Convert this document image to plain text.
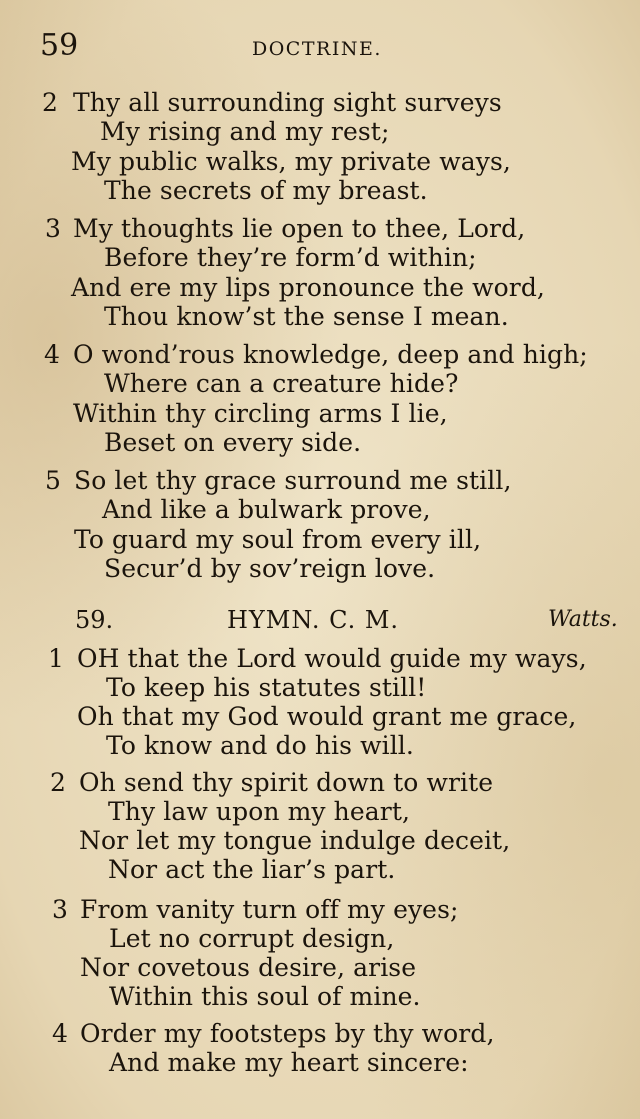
59	DOCTRINE.
2 Thy all surrounding sight surveys
My rising and my rest;
My public walks, my private ways,
The secrets of my breast.
3 My thoughts lie open to thee, Lord,
Before they’re form’d within;
And ere my lips pronounce the word,
Thou know’st the sense I mean.
4 O wond’rous knowledge, deep and high;
Where can a creature hide?
Within thy circling arms I lie,
Beset on every side.
5 So let thy grace surround me still,
And like a bulwark prove,
To guard my soul from every ill,
Secur’d by sov’reign love.
59.	HYMN. C. M.	Watts.
1 OH that the Lord would guide my ways,
To keep his statutes still!
Oh that my God would grant me grace,
To know and do his will.
2 Oh send thy spirit down to write
Thy law upon my heart,
Nor let my tongue indulge deceit,
Nor act the liar’s part.
3 From vanity turn off my eyes;
Let no corrupt design,
Nor covetous desire, arise
Within this soul of mine.
4 Order my footsteps by thy word,
And make my heart sincere:
